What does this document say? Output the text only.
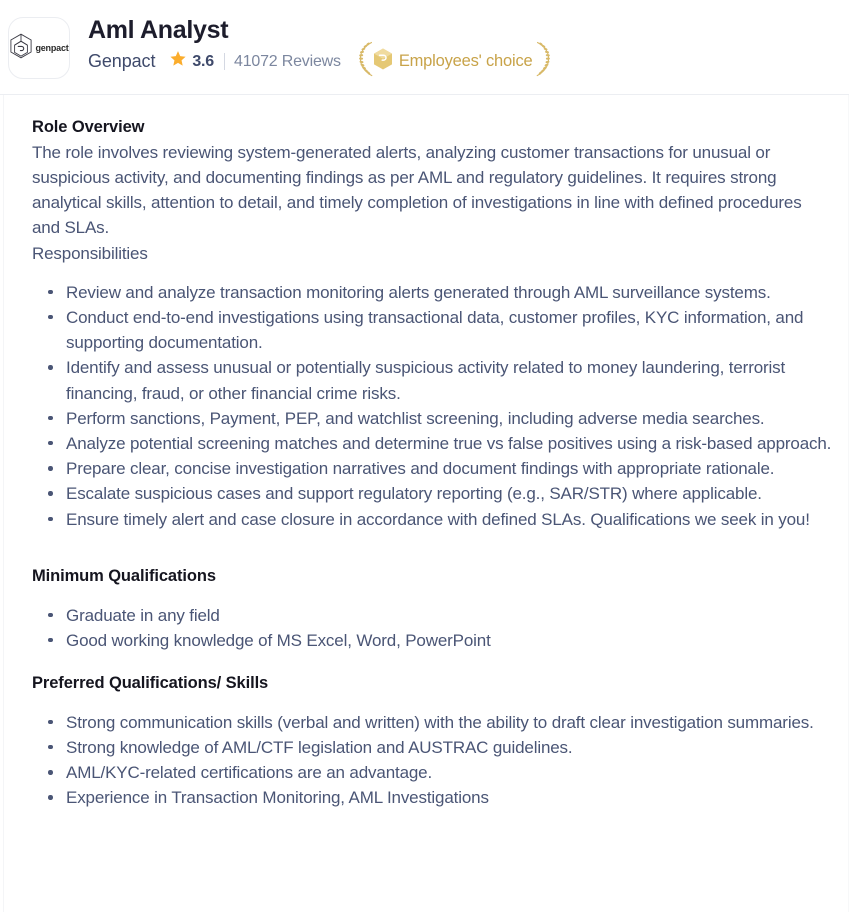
genpact
Aml Analyst
Genpact 3.6 41072 Reviews	Employees' choice
Role Overview

The role involves reviewing system-generated alerts, analyzing customer transactions for unusual or suspicious activity, and documenting findings as per AML and regulatory guidelines. It requires strong analytical skills, attention to detail, and timely completion of investigations in line with defined procedures and SLAs.

Responsibilities

Review and analyze transaction monitoring alerts generated through AML surveillance systems.
Conduct end-to-end investigations using transactional data, customer profiles, KYC information, and supporting documentation.
Identify and assess unusual or potentially suspicious activity related to money laundering, terrorist financing, fraud, or other financial crime risks.
Perform sanctions, Payment, PEP, and watchlist screening, including adverse media searches.
Analyze potential screening matches and determine true vs false positives using a risk-based approach.
Prepare clear, concise investigation narratives and document findings with appropriate rationale.
Escalate suspicious cases and support regulatory reporting (e.g., SAR/STR) where applicable.
Ensure timely alert and case closure in accordance with defined SLAs. Qualifications we seek in you!
Minimum Qualifications
Graduate in any field
Good working knowledge of MS Excel, Word, PowerPoint
Preferred Qualifications/ Skills
Strong communication skills (verbal and written) with the ability to draft clear investigation summaries.
Strong knowledge of AML/CTF legislation and AUSTRAC guidelines.
AML/KYC-related certifications are an advantage.
Experience in Transaction Monitoring, AML Investigations
